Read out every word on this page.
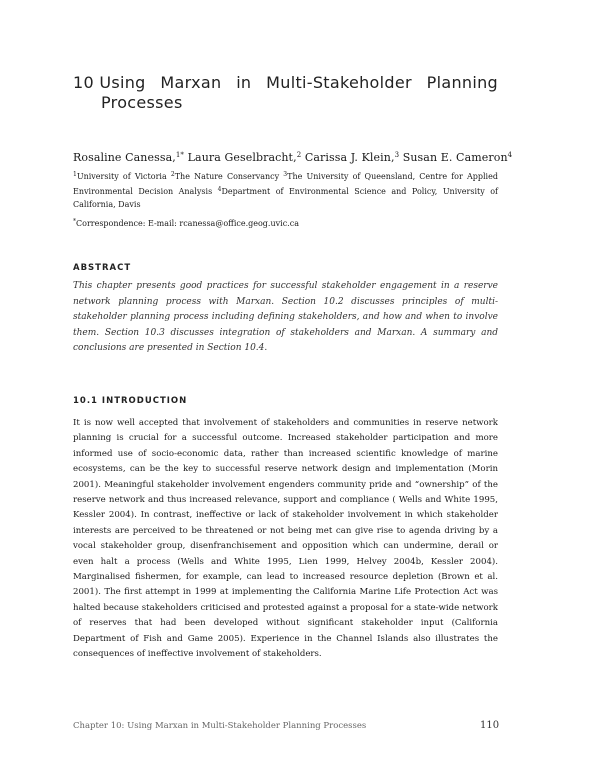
10 Using Marxan in Multi-Stakeholder Planning
Processes
Rosaline Canessa,$^{1*}$ Laura Geselbracht,$^2$ Carissa J. Klein,$^3$ Susan E. Cameron$^4$
$^1$University of Victoria $^2$The Nature Conservancy $^3$The University of Queensland, Centre for Applied Environmental Decision Analysis $^4$Department of Environmental Science and Policy, University of California, Davis
*Correspondence: E-mail: rcanessa@office.geog.uvic.ca
ABSTRACT
This chapter presents good practices for successful stakeholder engagement in a reserve network planning process with Marxan. Section 10.2 discusses principles of multi-stakeholder planning process including defining stakeholders, and how and when to involve them. Section 10.3 discusses integration of stakeholders and Marxan. A summary and conclusions are presented in Section 10.4.
10.1 INTRODUCTION
It is now well accepted that involvement of stakeholders and communities in reserve network planning is crucial for a successful outcome. Increased stakeholder participation and more informed use of socio-economic data, rather than increased scientific knowledge of marine ecosystems, can be the key to successful reserve network design and implementation (Morin 2001). Meaningful stakeholder involvement engenders community pride and “ownership” of the reserve network and thus increased relevance, support and compliance ( Wells and White 1995, Kessler 2004). In contrast, ineffective or lack of stakeholder involvement in which stakeholder interests are perceived to be threatened or not being met can give rise to agenda driving by a vocal stakeholder group, disenfranchisement and opposition which can undermine, derail or even halt a process (Wells and White 1995, Lien 1999, Helvey 2004b, Kessler 2004). Marginalised fishermen, for example, can lead to increased resource depletion (Brown et al. 2001). The first attempt in 1999 at implementing the California Marine Life Protection Act was halted because stakeholders criticised and protested against a proposal for a state-wide network of reserves that had been developed without significant stakeholder input (California Department of Fish and Game 2005). Experience in the Channel Islands also illustrates the consequences of ineffective involvement of stakeholders.
Chapter 10: Using Marxan in Multi-Stakeholder Planning Processes	110
